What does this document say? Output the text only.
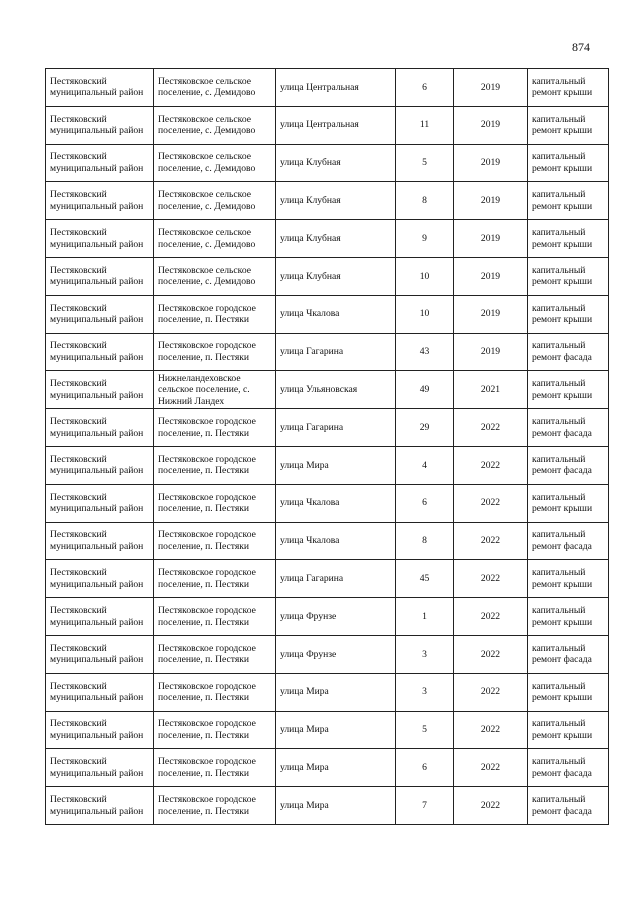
874
Пестяковский муниципальный район	Пестяковское сельское поселение, с. Демидово	улица Центральная	6	2019	капитальный ремонт крыши
Пестяковский муниципальный район	Пестяковское сельское поселение, с. Демидово	улица Центральная	11	2019	капитальный ремонт крыши
Пестяковский муниципальный район	Пестяковское сельское поселение, с. Демидово	улица Клубная	5	2019	капитальный ремонт крыши
Пестяковский муниципальный район	Пестяковское сельское поселение, с. Демидово	улица Клубная	8	2019	капитальный ремонт крыши
Пестяковский муниципальный район	Пестяковское сельское поселение, с. Демидово	улица Клубная	9	2019	капитальный ремонт крыши
Пестяковский муниципальный район	Пестяковское сельское поселение, с. Демидово	улица Клубная	10	2019	капитальный ремонт крыши
Пестяковский муниципальный район	Пестяковское городское поселение, п. Пестяки	улица Чкалова	10	2019	капитальный ремонт крыши
Пестяковский муниципальный район	Пестяковское городское поселение, п. Пестяки	улица Гагарина	43	2019	капитальный ремонт фасада
Пестяковский муниципальный район	Нижнеландеховское сельское поселение, с. Нижний Ландех	улица Ульяновская	49	2021	капитальный ремонт крыши
Пестяковский муниципальный район	Пестяковское городское поселение, п. Пестяки	улица Гагарина	29	2022	капитальный ремонт фасада
Пестяковский муниципальный район	Пестяковское городское поселение, п. Пестяки	улица Мира	4	2022	капитальный ремонт фасада
Пестяковский муниципальный район	Пестяковское городское поселение, п. Пестяки	улица Чкалова	6	2022	капитальный ремонт крыши
Пестяковский муниципальный район	Пестяковское городское поселение, п. Пестяки	улица Чкалова	8	2022	капитальный ремонт фасада
Пестяковский муниципальный район	Пестяковское городское поселение, п. Пестяки	улица Гагарина	45	2022	капитальный ремонт крыши
Пестяковский муниципальный район	Пестяковское городское поселение, п. Пестяки	улица Фрунзе	1	2022	капитальный ремонт крыши
Пестяковский муниципальный район	Пестяковское городское поселение, п. Пестяки	улица Фрунзе	3	2022	капитальный ремонт фасада
Пестяковский муниципальный район	Пестяковское городское поселение, п. Пестяки	улица Мира	3	2022	капитальный ремонт крыши
Пестяковский муниципальный район	Пестяковское городское поселение, п. Пестяки	улица Мира	5	2022	капитальный ремонт крыши
Пестяковский муниципальный район	Пестяковское городское поселение, п. Пестяки	улица Мира	6	2022	капитальный ремонт фасада
Пестяковский муниципальный район	Пестяковское городское поселение, п. Пестяки	улица Мира	7	2022	капитальный ремонт фасада
